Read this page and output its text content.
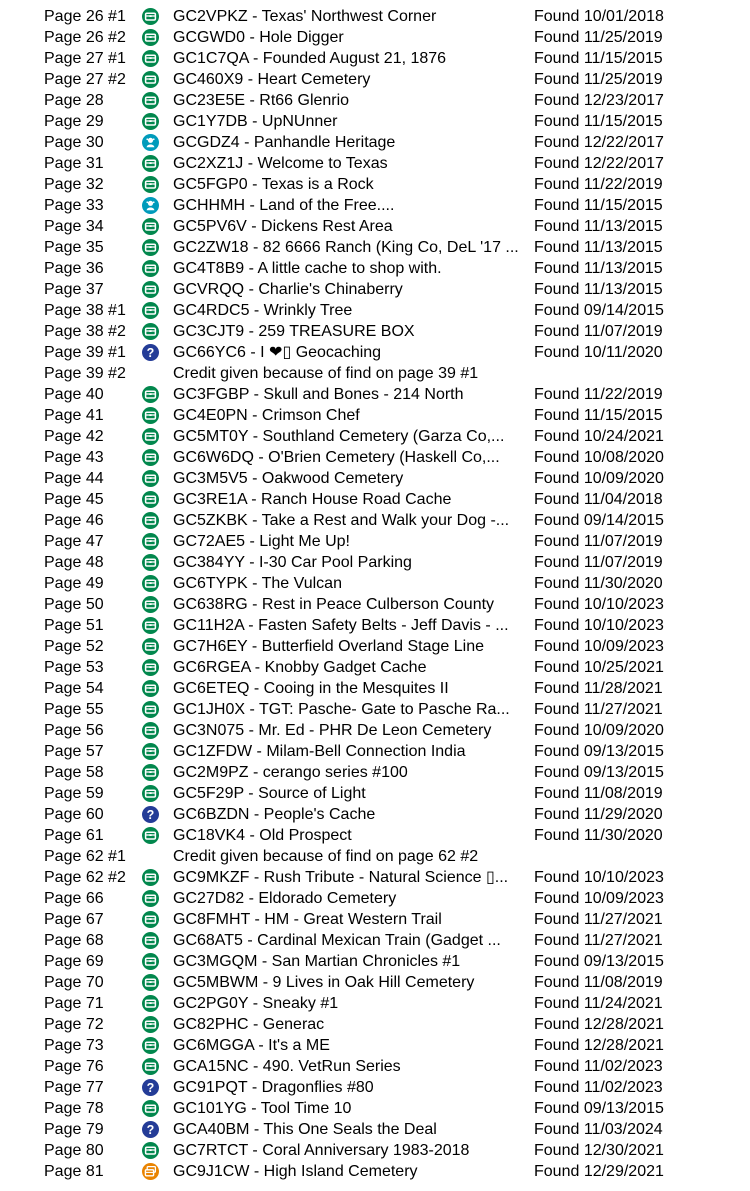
Page 26 #1	GC2VPKZ - Texas' Northwest Corner	Found 10/01/2018
Page 26 #2	GCGWD0 - Hole Digger	Found 11/25/2019
Page 27 #1	GC1C7QA - Founded August 21, 1876	Found 11/15/2015
Page 27 #2	GC460X9 - Heart Cemetery	Found 11/25/2019
Page 28	GC23E5E - Rt66 Glenrio	Found 12/23/2017
Page 29	GC1Y7DB - UpNUnner	Found 11/15/2015
Page 30	GCGDZ4 - Panhandle Heritage	Found 12/22/2017
Page 31	GC2XZ1J - Welcome to Texas	Found 12/22/2017
Page 32	GC5FGP0 - Texas is a Rock	Found 11/22/2019
Page 33	GCHHMH - Land of the Free....	Found 11/15/2015
Page 34	GC5PV6V - Dickens Rest Area	Found 11/13/2015
Page 35	GC2ZW18 - 82 6666 Ranch (King Co, DeL '17 ... Found 11/13/2015
Page 36	GC4T8B9 - A little cache to shop with.	Found 11/13/2015
Page 37	GCVRQQ - Charlie's Chinaberry	Found 11/13/2015
Page 38 #1	GC4RDC5 - Wrinkly Tree	Found 09/14/2015
Page 38 #2	GC3CJT9 - 259 TREASURE BOX	Found 11/07/2019
Page 39 #1	? GC66YC6 - I ❤▯ Geocaching	Found 10/11/2020
Page 39 #2	Credit given because of find on page 39 #1
Page 40	GC3FGBP - Skull and Bones - 214 North	Found 11/22/2019
Page 41	GC4E0PN - Crimson Chef	Found 11/15/2015
Page 42	GC5MT0Y - Southland Cemetery (Garza Co,...	Found 10/24/2021
Page 43	GC6W6DQ - O'Brien Cemetery (Haskell Co,...	Found 10/08/2020
Page 44	GC3M5V5 - Oakwood Cemetery	Found 10/09/2020
Page 45	GC3RE1A - Ranch House Road Cache	Found 11/04/2018
Page 46	GC5ZKBK - Take a Rest and Walk your Dog -...	Found 09/14/2015
Page 47	GC72AE5 - Light Me Up!	Found 11/07/2019
Page 48	GC384YY - I-30 Car Pool Parking	Found 11/07/2019
Page 49	GC6TYPK - The Vulcan	Found 11/30/2020
Page 50	GC638RG - Rest in Peace Culberson County	Found 10/10/2023
Page 51	GC11H2A - Fasten Safety Belts - Jeff Davis - ...	Found 10/10/2023
Page 52	GC7H6EY - Butterfield Overland Stage Line	Found 10/09/2023
Page 53	GC6RGEA - Knobby Gadget Cache	Found 10/25/2021
Page 54	GC6ETEQ - Cooing in the Mesquites II	Found 11/28/2021
Page 55	GC1JH0X - TGT: Pasche- Gate to Pasche Ra...	Found 11/27/2021
Page 56	GC3N075 - Mr. Ed - PHR De Leon Cemetery	Found 10/09/2020
Page 57	GC1ZFDW - Milam-Bell Connection India	Found 09/13/2015
Page 58	GC2M9PZ - cerango series #100	Found 09/13/2015
Page 59	GC5F29P - Source of Light	Found 11/08/2019
Page 60	? GC6BZDN - People's Cache	Found 11/29/2020
Page 61	GC18VK4 - Old Prospect	Found 11/30/2020
Page 62 #1	Credit given because of find on page 62 #2
Page 62 #2	GC9MKZF - Rush Tribute - Natural Science ▯...	Found 10/10/2023
Page 66	GC27D82 - Eldorado Cemetery	Found 10/09/2023
Page 67	GC8FMHT - HM - Great Western Trail	Found 11/27/2021
Page 68	GC68AT5 - Cardinal Mexican Train (Gadget ...	Found 11/27/2021
Page 69	GC3MGQM - San Martian Chronicles #1	Found 09/13/2015
Page 70	GC5MBWM - 9 Lives in Oak Hill Cemetery	Found 11/08/2019
Page 71	GC2PG0Y - Sneaky #1	Found 11/24/2021
Page 72	GC82PHC - Generac	Found 12/28/2021
Page 73	GC6MGGA - It's a ME	Found 12/28/2021
Page 76	GCA15NC - 490. VetRun Series	Found 11/02/2023
Page 77	? GC91PQT - Dragonflies #80	Found 11/02/2023
Page 78	GC101YG - Tool Time 10	Found 09/13/2015
Page 79	? GCA40BM - This One Seals the Deal	Found 11/03/2024
Page 80	GC7RTCT - Coral Anniversary 1983-2018	Found 12/30/2021
Page 81	GC9J1CW - High Island Cemetery	Found 12/29/2021
